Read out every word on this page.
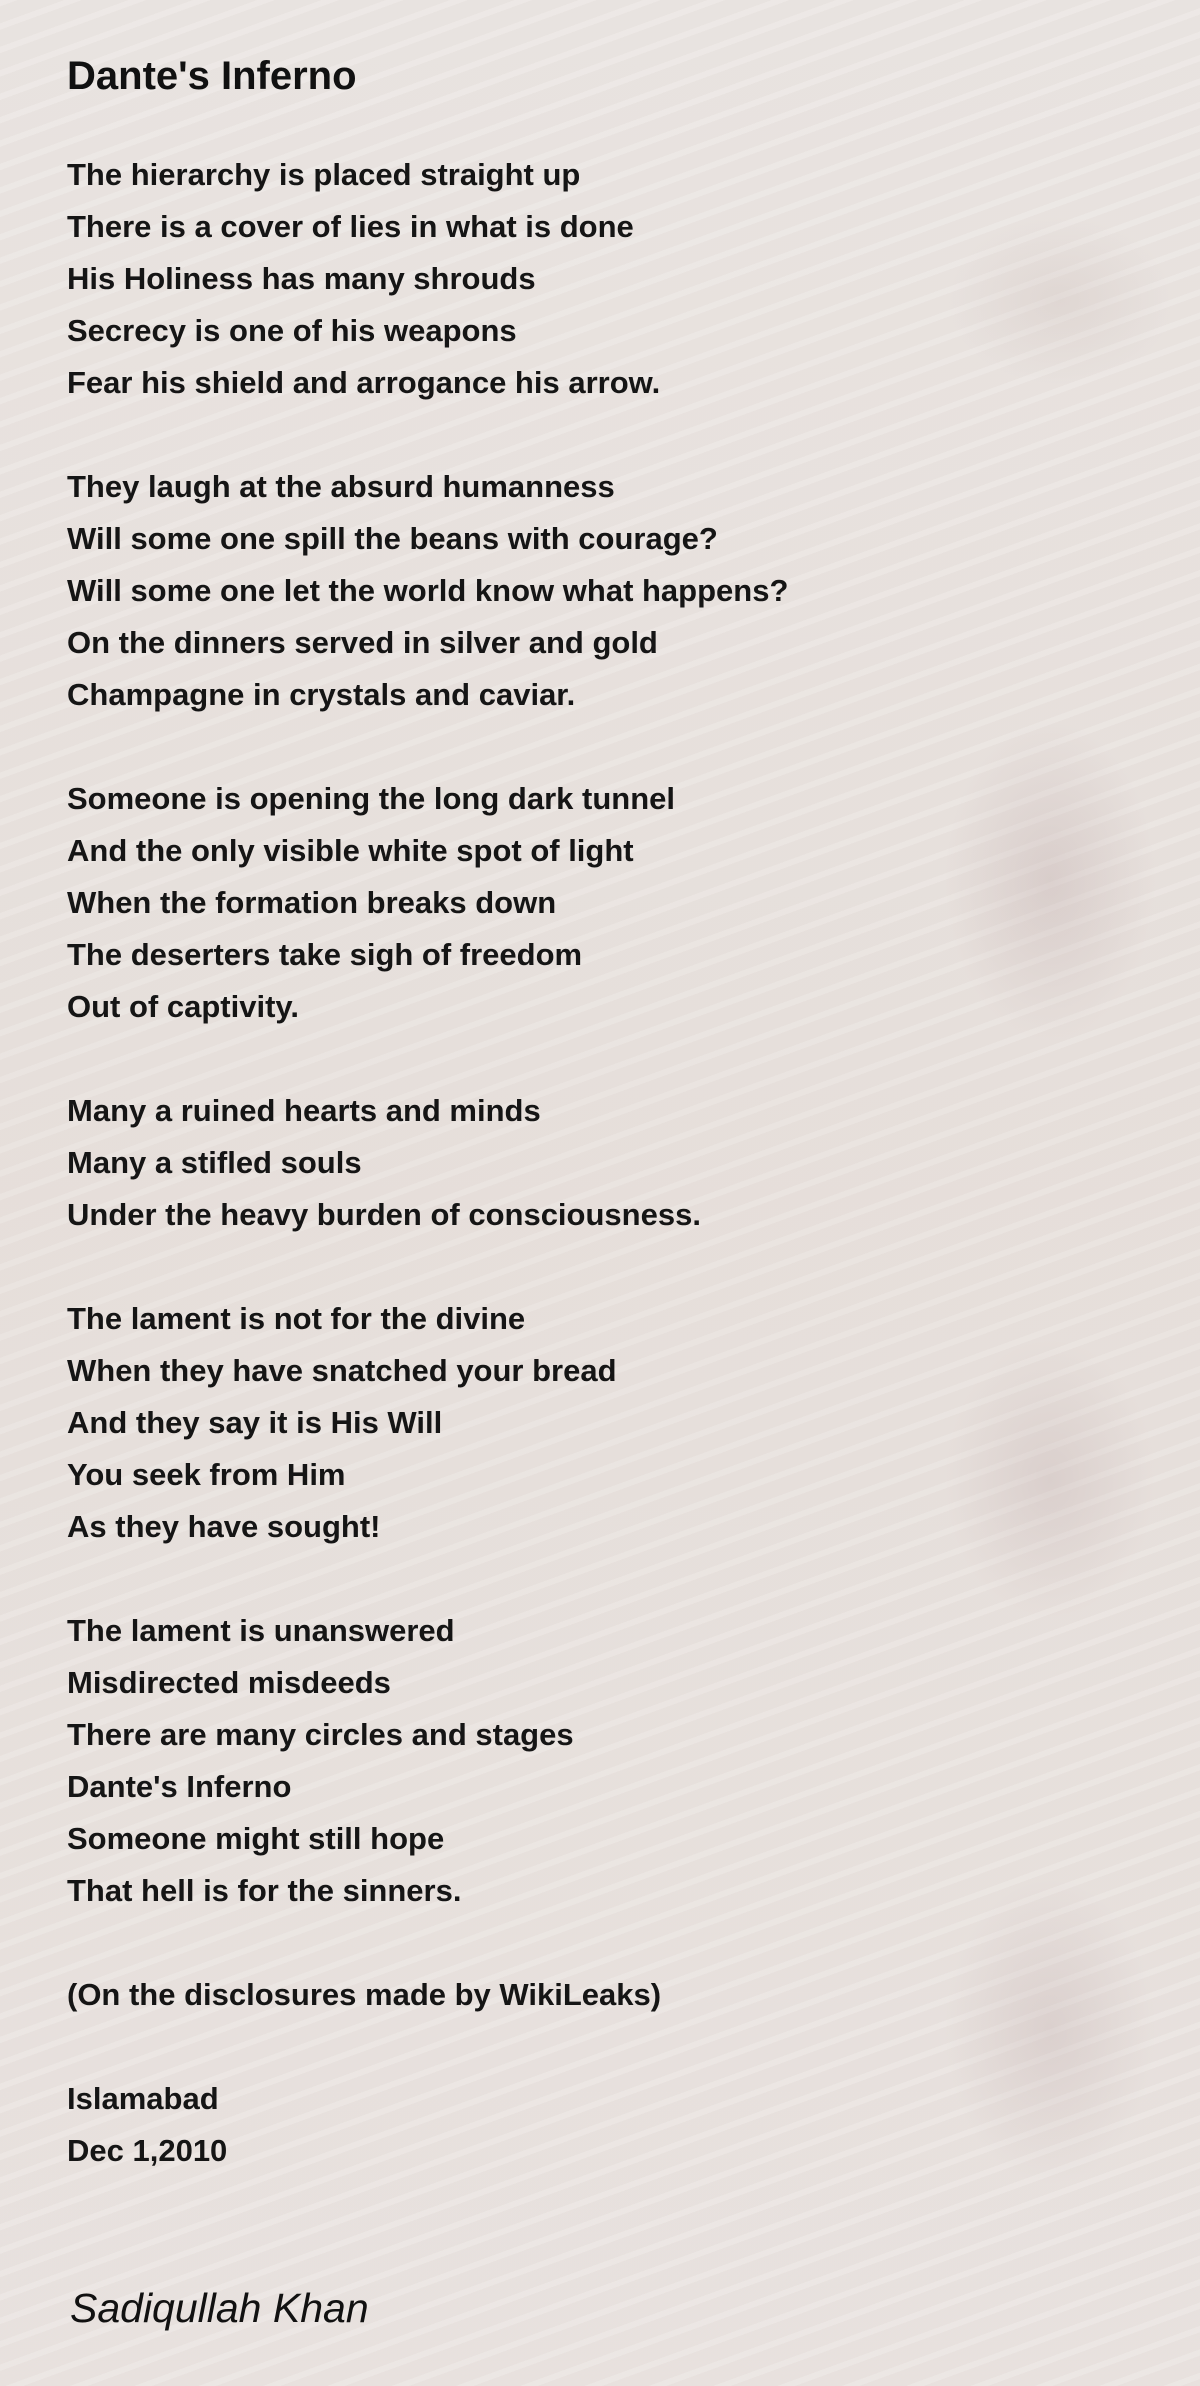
Dante's Inferno
The hierarchy is placed straight up
There is a cover of lies in what is done
His Holiness has many shrouds
Secrecy is one of his weapons
Fear his shield and arrogance his arrow.
They laugh at the absurd humanness
Will some one spill the beans with courage?
Will some one let the world know what happens?
On the dinners served in silver and gold
Champagne in crystals and caviar.
Someone is opening the long dark tunnel
And the only visible white spot of light
When the formation breaks down
The deserters take sigh of freedom
Out of captivity.
Many a ruined hearts and minds
Many a stifled souls
Under the heavy burden of consciousness.
The lament is not for the divine
When they have snatched your bread
And they say it is His Will
You seek from Him
As they have sought!
The lament is unanswered
Misdirected misdeeds
There are many circles and stages
Dante's Inferno
Someone might still hope
That hell is for the sinners.
(On the disclosures made by WikiLeaks)
Islamabad
Dec 1,2010
Sadiqullah Khan
